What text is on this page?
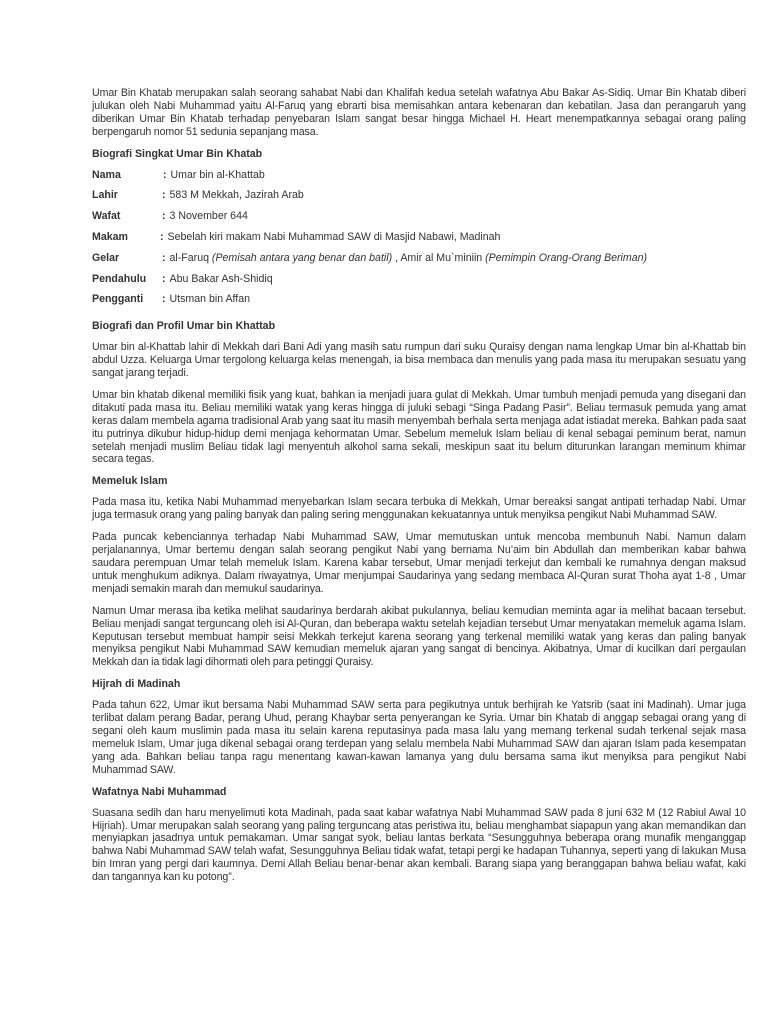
Umar Bin Khatab merupakan salah seorang sahabat Nabi dan Khalifah kedua setelah wafatnya Abu Bakar As-Sidiq. Umar Bin Khatab diberi julukan oleh Nabi Muhammad yaitu Al-Faruq yang ebrarti bisa memisahkan antara kebenaran dan kebatilan. Jasa dan perangaruh yang diberikan Umar Bin Khatab terhadap penyebaran Islam sangat besar hingga Michael H. Heart menempatkannya sebagai orang paling berpengaruh nomor 51 sedunia sepanjang masa.

Biografi Singkat Umar Bin Khatab
Nama	: Umar bin al-Khattab
Lahir	: 583 M Mekkah, Jazirah Arab
Wafat	: 3 November 644
Makam	: Sebelah kiri makam Nabi Muhammad SAW di Masjid Nabawi, Madinah
Gelar	: al-Faruq (Pemisah antara yang benar dan batil) , Amir al Mu`miniin (Pemimpin Orang-Orang Beriman)
Pendahulu	: Abu Bakar Ash-Shidiq
Pengganti	: Utsman bin Affan
Biografi dan Profil Umar bin Khattab

Umar bin al-Khattab lahir di Mekkah dari Bani Adi yang masih satu rumpun dari suku Quraisy dengan nama lengkap Umar bin al-Khattab bin abdul Uzza. Keluarga Umar tergolong keluarga kelas menengah, ia bisa membaca dan menulis yang pada masa itu merupakan sesuatu yang sangat jarang terjadi.

Umar bin khatab dikenal memiliki fisik yang kuat, bahkan ia menjadi juara gulat di Mekkah. Umar tumbuh menjadi pemuda yang disegani dan ditakuti pada masa itu. Beliau memiliki watak yang keras hingga di juluki sebagi “Singa Padang Pasir”. Beliau termasuk pemuda yang amat keras dalam membela agama tradisional Arab yang saat itu masih menyembah berhala serta menjaga adat istiadat mereka. Bahkan pada saat itu putrinya dikubur hidup-hidup demi menjaga kehormatan Umar. Sebelum memeluk Islam beliau di kenal sebagai peminum berat, namun setelah menjadi muslim Beliau tidak lagi menyentuh alkohol sama sekali, meskipun saat itu belum diturunkan larangan meminum khimar secara tegas.

Memeluk Islam

Pada masa itu, ketika Nabi Muhammad menyebarkan Islam secara terbuka di Mekkah, Umar bereaksi sangat antipati terhadap Nabi. Umar juga termasuk orang yang paling banyak dan paling sering menggunakan kekuatannya untuk menyiksa pengikut Nabi Muhammad SAW.

Pada puncak kebenciannya terhadap Nabi Muhammad SAW, Umar memutuskan untuk mencoba membunuh Nabi. Namun dalam perjalanannya, Umar bertemu dengan salah seorang pengikut Nabi yang bernama Nu’aim bin Abdullah dan memberikan kabar bahwa saudara perempuan Umar telah memeluk Islam. Karena kabar tersebut, Umar menjadi terkejut dan kembali ke rumahnya dengan maksud untuk menghukum adiknya. Dalam riwayatnya, Umar menjumpai Saudarinya yang sedang membaca Al-Quran surat Thoha ayat 1-8 , Umar menjadi semakin marah dan memukul saudarinya.

Namun Umar merasa iba ketika melihat saudarinya berdarah akibat pukulannya, beliau kemudian meminta agar ia melihat bacaan tersebut. Beliau menjadi sangat terguncang oleh isi Al-Quran, dan beberapa waktu setelah kejadian tersebut Umar menyatakan memeluk agama Islam. Keputusan tersebut membuat hampir seisi Mekkah terkejut karena seorang yang terkenal memiliki watak yang keras dan paling banyak menyiksa pengikut Nabi Muhammad SAW kemudian memeluk ajaran yang sangat di bencinya. Akibatnya, Umar di kucilkan dari pergaulan Mekkah dan ia tidak lagi dihormati oleh para petinggi Quraisy.

Hijrah di Madinah

Pada tahun 622, Umar ikut bersama Nabi Muhammad SAW serta para pegikutnya untuk berhijrah ke Yatsrib (saat ini Madinah). Umar juga terlibat dalam perang Badar, perang Uhud, perang Khaybar serta penyerangan ke Syria. Umar bin Khatab di anggap sebagai orang yang di segani oleh kaum muslimin pada masa itu selain karena reputasinya pada masa lalu yang memang terkenal sudah terkenal sejak masa memeluk Islam, Umar juga dikenal sebagai orang terdepan yang selalu membela Nabi Muhammad SAW dan ajaran Islam pada kesempatan yang ada. Bahkan beliau tanpa ragu menentang kawan-kawan lamanya yang dulu bersama sama ikut menyiksa para pengikut Nabi Muhammad SAW.

Wafatnya Nabi Muhammad

Suasana sedih dan haru menyelimuti kota Madinah, pada saat kabar wafatnya Nabi Muhammad SAW pada 8 juni 632 M (12 Rabiul Awal 10 Hijriah). Umar merupakan salah seorang yang paling terguncang atas peristiwa itu, beliau menghambat siapapun yang akan memandikan dan menyiapkan jasadnya untuk pemakaman. Umar sangat syok, beliau lantas berkata “Sesungguhnya beberapa orang munafik menganggap bahwa Nabi Muhammad SAW telah wafat, Sesungguhnya Beliau tidak wafat, tetapi pergi ke hadapan Tuhannya, seperti yang di lakukan Musa bin Imran yang pergi dari kaumnya. Demi Allah Beliau benar-benar akan kembali. Barang siapa yang beranggapan bahwa beliau wafat, kaki dan tangannya kan ku potong”.
